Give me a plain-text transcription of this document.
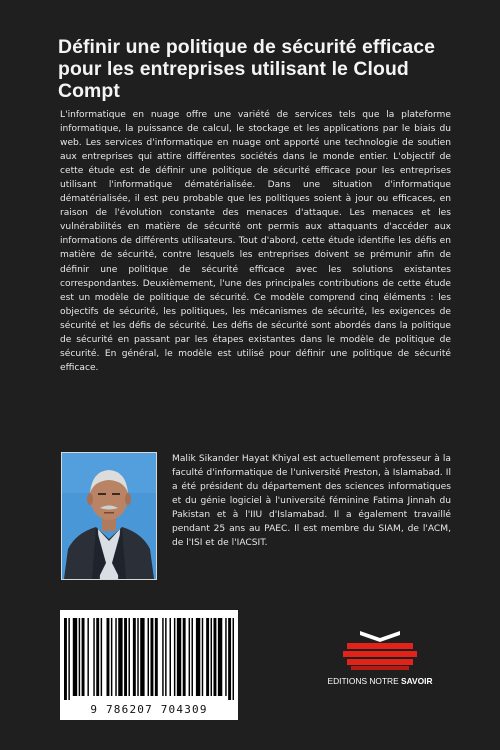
Définir une politique de sécurité efficace pour les entreprises utilisant le Cloud Compt

L'informatique en nuage offre une variété de services tels que la plateforme informatique, la puissance de calcul, le stockage et les applications par le biais du web. Les services d'informatique en nuage ont apporté une technologie de soutien aux entreprises qui attire différentes sociétés dans le monde entier. L'objectif de cette étude est de définir une politique de sécurité efficace pour les entreprises utilisant l'informatique dématérialisée. Dans une situation d'informatique dématérialisée, il est peu probable que les politiques soient à jour ou efficaces, en raison de l'évolution constante des menaces d'attaque. Les menaces et les vulnérabilités en matière de sécurité ont permis aux attaquants d'accéder aux informations de différents utilisateurs. Tout d'abord, cette étude identifie les défis en matière de sécurité, contre lesquels les entreprises doivent se prémunir afin de définir une politique de sécurité efficace avec les solutions existantes correspondantes. Deuxièmement, l'une des principales contributions de cette étude est un modèle de politique de sécurité. Ce modèle comprend cinq éléments : les objectifs de sécurité, les politiques, les mécanismes de sécurité, les exigences de sécurité et les défis de sécurité. Les défis de sécurité sont abordés dans la politique de sécurité en passant par les étapes existantes dans le modèle de politique de sécurité. En général, le modèle est utilisé pour définir une politique de sécurité efficace.

Malik Sikander Hayat Khiyal est actuellement professeur à la faculté d'informatique de l'université Preston, à Islamabad. Il a été président du département des sciences informatiques et du génie logiciel à l'université féminine Fatima Jinnah du Pakistan et à l'IIU d'Islamabad. Il a également travaillé pendant 25 ans au PAEC. Il est membre du SIAM, de l'ACM, de l'ISI et de l'IACSIT.

9 786207 704309
EDITIONS NOTRE SAVOIR
